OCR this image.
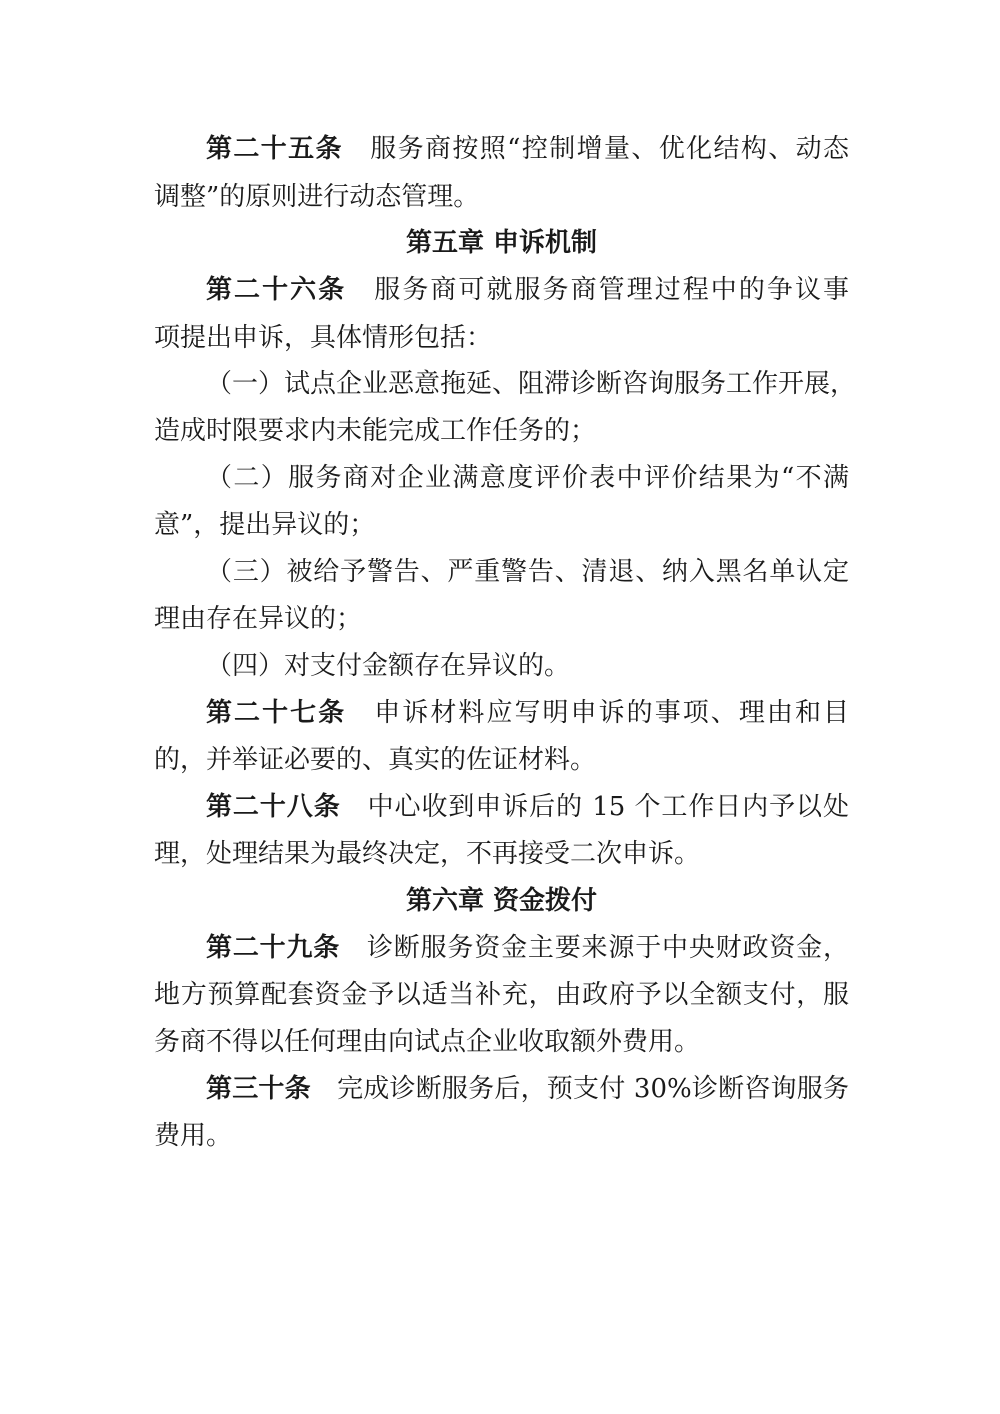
第二十五条 服务商按照“控制增量、优化结构、动态
调整”的原则进行动态管理。
第五章 申诉机制
第二十六条 服务商可就服务商管理过程中的争议事
项提出申诉，具体情形包括：
（一）试点企业恶意拖延、阻滞诊断咨询服务工作开展，
造成时限要求内未能完成工作任务的；
（二）服务商对企业满意度评价表中评价结果为“不满
意”，提出异议的；
（三）被给予警告、严重警告、清退、纳入黑名单认定
理由存在异议的；
（四）对支付金额存在异议的。
第二十七条 申诉材料应写明申诉的事项、理由和目
的，并举证必要的、真实的佐证材料。
第二十八条 中心收到申诉后的 15 个工作日内予以处
理，处理结果为最终决定，不再接受二次申诉。
第六章 资金拨付
第二十九条 诊断服务资金主要来源于中央财政资金，
地方预算配套资金予以适当补充，由政府予以全额支付，服
务商不得以任何理由向试点企业收取额外费用。
第三十条 完成诊断服务后，预支付 30%诊断咨询服务
费用。
